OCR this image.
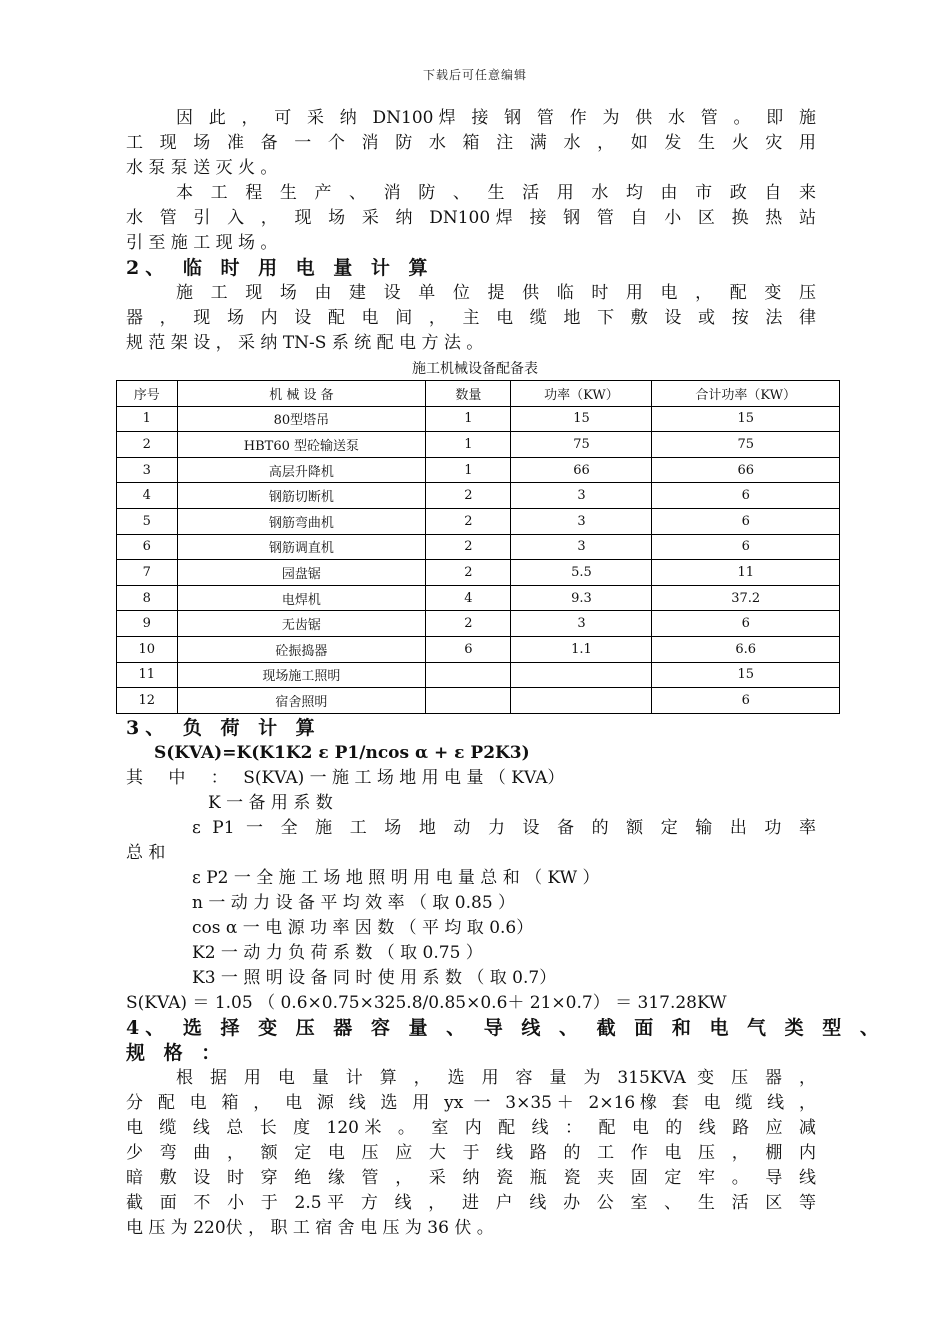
下载后可任意编辑
因 此 ， 可 采 纳 DN100焊 接 钢 管 作 为 供 水 管 。 即 施
工 现 场 准 备 一 个 消 防 水 箱 注 满 水 ， 如 发 生 火 灾 用
水 泵 泵 送 灭 火 。
本 工 程 生 产 、 消 防 、 生 活 用 水 均 由 市 政 自 来
水 管 引 入 ， 现 场 采 纳 DN100焊 接 钢 管 自 小 区 换 热 站
引 至 施 工 现 场 。
2、 临 时 用 电 量 计 算
施 工 现 场 由 建 设 单 位 提 供 临 时 用 电 ， 配 变 压
器 ， 现 场 内 设 配 电 间 ， 主 电 缆 地 下 敷 设 或 按 法 律
规 范 架 设 ， 采 纳 TN-S 系 统 配 电 方 法 。
施工机械设备配备表
序号	机 械 设 备	数量	功率（KW）	合计功率（KW）
1	80型塔吊	1	15	15
2	HBT60 型砼输送泵	1	75	75
3	高层升降机	1	66	66
4	钢筋切断机	2	3	6
5	钢筋弯曲机	2	3	6
6	钢筋调直机	2	3	6
7	园盘锯	2	5.5	11
8	电焊机	4	9.3	37.2
9	无齿锯	2	3	6
10	砼振捣器	6	1.1	6.6
11	现场施工照明			15
12	宿舍照明			6
3、 负 荷 计 算
S(KVA)=K(K1K2 ε P1/ncos α + ε P2K3)
其 中 ： S(KVA) 一 施 工 场 地 用 电 量 （ KVA）
K 一 备 用 系 数
ε P1 一 全 施 工 场 地 动 力 设 备 的 额 定 输 出 功 率
总 和
ε P2 一 全 施 工 场 地 照 明 用 电 量 总 和 （ KW ）
n 一 动 力 设 备 平 均 效 率 （ 取 0.85 ）
cos α 一 电 源 功 率 因 数 （ 平 均 取 0.6）
K2 一 动 力 负 荷 系 数 （ 取 0.75 ）
K3 一 照 明 设 备 同 时 使 用 系 数 （ 取 0.7）
S(KVA) ＝ 1.05 （ 0.6×0.75×325.8/0.85×0.6＋ 21×0.7） ＝ 317.28KW
4、 选 择 变 压 器 容 量 、 导 线 、 截 面 和 电 气 类 型 、
规 格 ：
根 据 用 电 量 计 算 ， 选 用 容 量 为 315KVA 变 压 器 ，
分 配 电 箱 ， 电 源 线 选 用 yx 一 3×35＋ 2×16橡 套 电 缆 线 ，
电 缆 线 总 长 度 120米 。 室 内 配 线 ： 配 电 的 线 路 应 减
少 弯 曲 ， 额 定 电 压 应 大 于 线 路 的 工 作 电 压 ， 棚 内
暗 敷 设 时 穿 绝 缘 管 ， 采 纳 瓷 瓶 瓷 夹 固 定 牢 。 导 线
截 面 不 小 于 2.5平 方 线 ， 进 户 线 办 公 室 、 生 活 区 等
电 压 为 220伏 ， 职 工 宿 舍 电 压 为 36 伏 。
